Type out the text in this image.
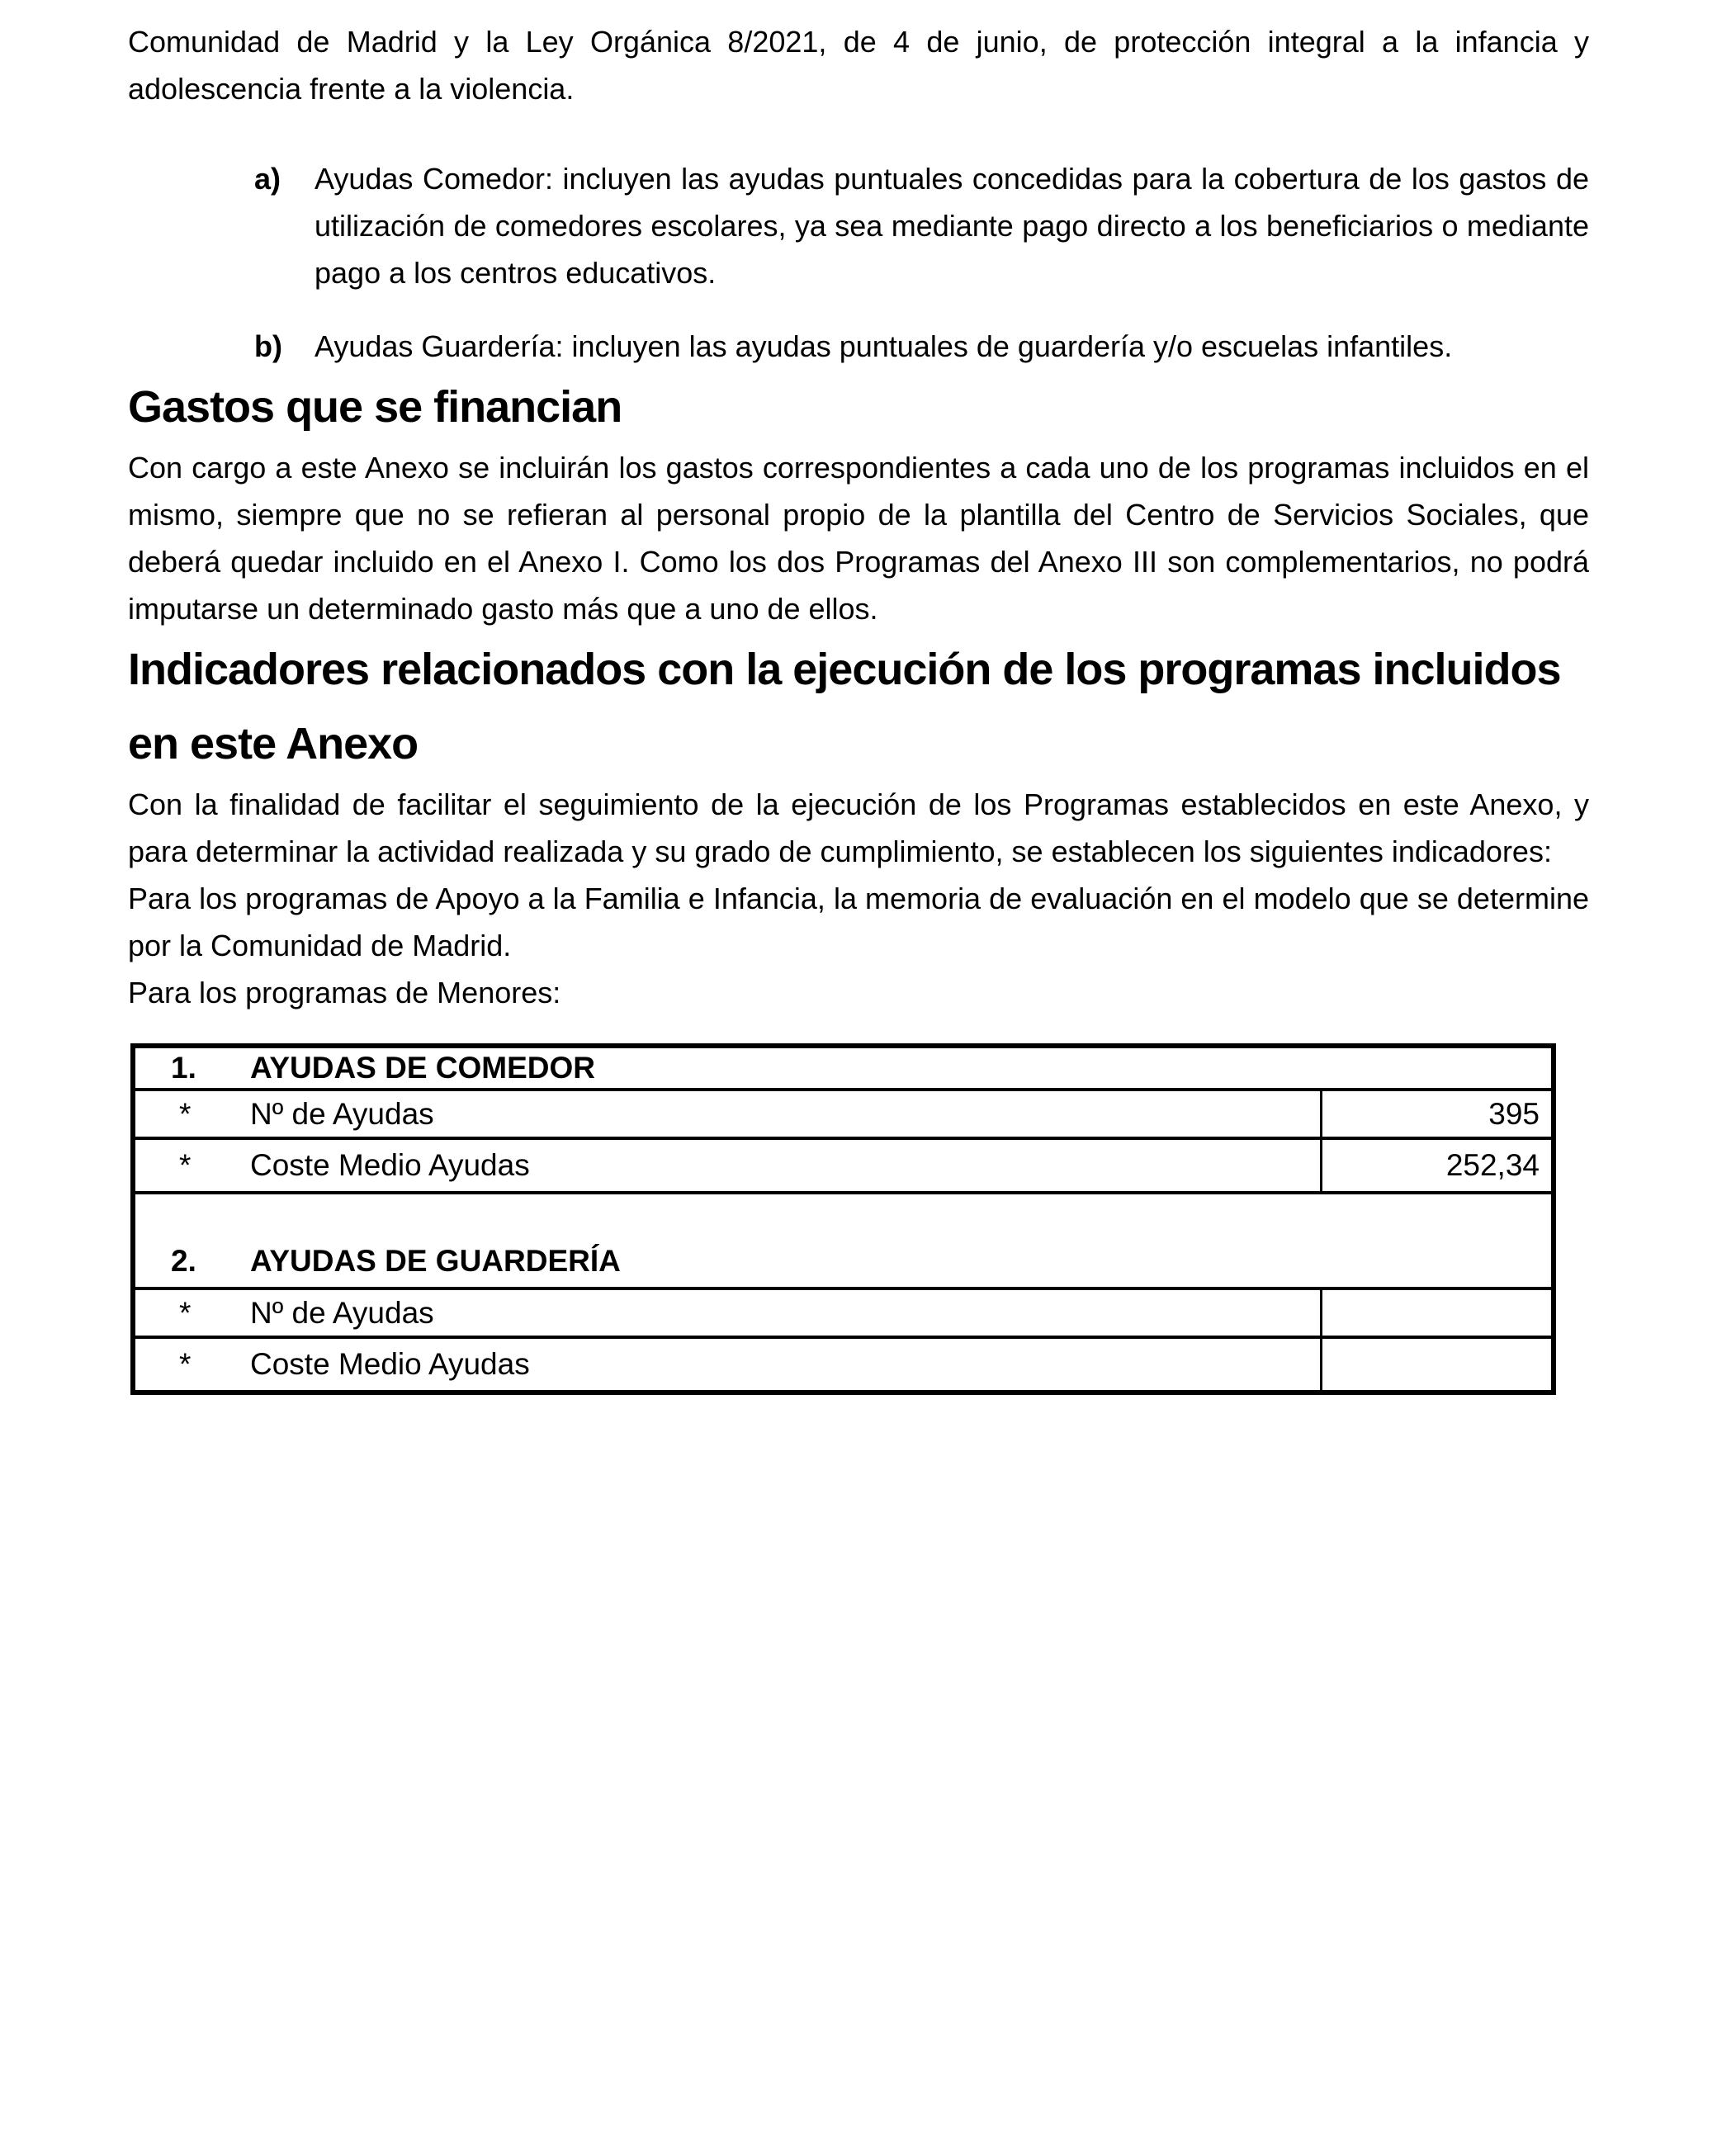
Comunidad de Madrid y la Ley Orgánica 8/2021, de 4 de junio, de protección integral a la infancia y adolescencia frente a la violencia.

a)	Ayudas Comedor: incluyen las ayudas puntuales concedidas para la cobertura de los gastos de utilización de comedores escolares, ya sea mediante pago directo a los beneficiarios o mediante pago a los centros educativos.
b)	Ayudas Guardería: incluyen las ayudas puntuales de guardería y/o escuelas infantiles.
Gastos que se financian

Con cargo a este Anexo se incluirán los gastos correspondientes a cada uno de los programas incluidos en el mismo, siempre que no se refieran al personal propio de la plantilla del Centro de Servicios Sociales, que deberá quedar incluido en el Anexo I. Como los dos Programas del Anexo III son complementarios, no podrá imputarse un determinado gasto más que a uno de ellos.

Indicadores relacionados con la ejecución de los programas incluidos en este Anexo

Con la finalidad de facilitar el seguimiento de la ejecución de los Programas establecidos en este Anexo, y para determinar la actividad realizada y su grado de cumplimiento, se establecen los siguientes indicadores:

Para los programas de Apoyo a la Familia e Infancia, la memoria de evaluación en el modelo que se determine por la Comunidad de Madrid.

Para los programas de Menores:

1.	AYUDAS DE COMEDOR
*	Nº de Ayudas	395
*	Coste Medio Ayudas	252,34
2.	AYUDAS DE GUARDERÍA
*	Nº de Ayudas
*	Coste Medio Ayudas
